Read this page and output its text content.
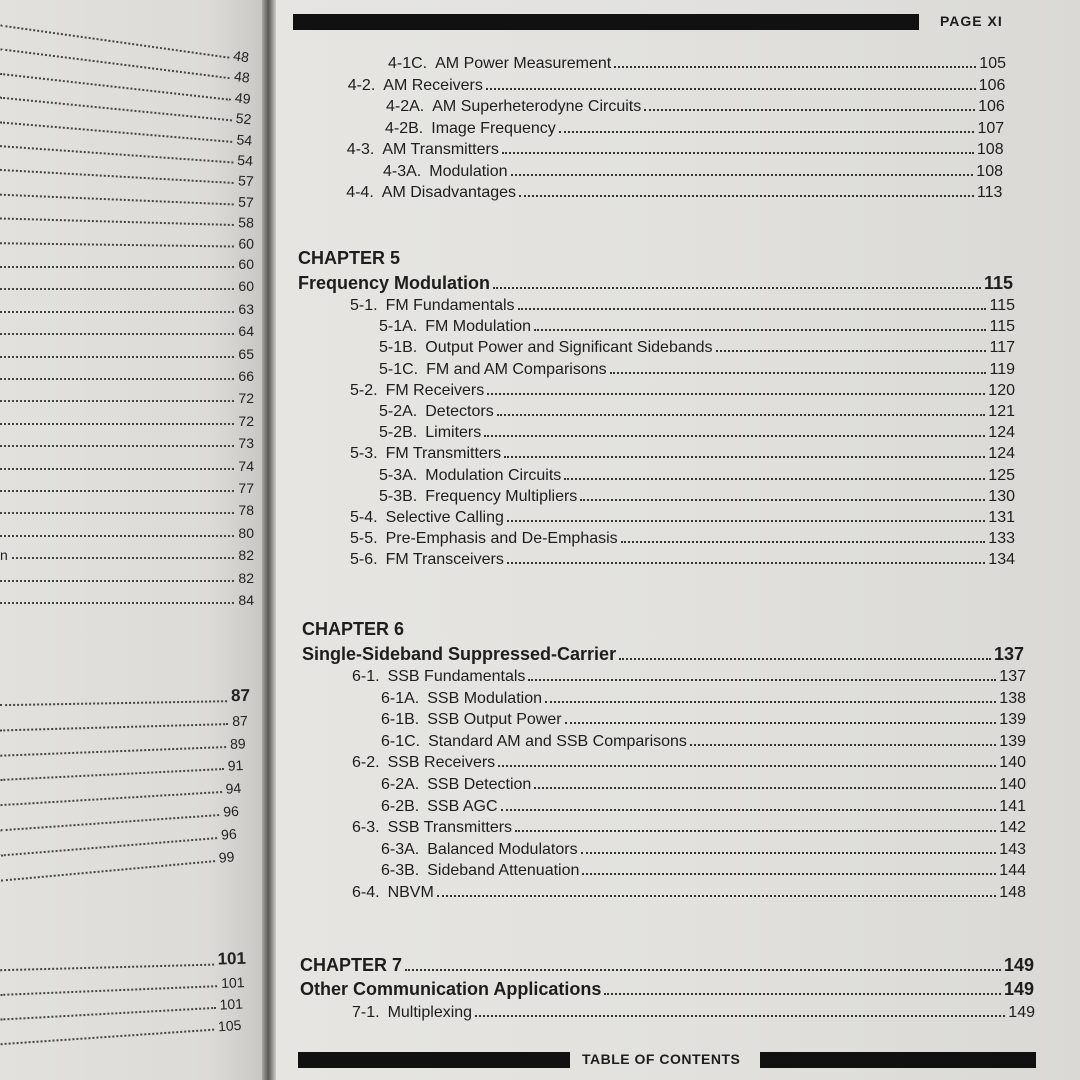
48
48
49
52
54
54
57
57
58
60
60
60
63
64
65
66
72
72
73
74
77
78
80
n	82
82
84
87
87
89
91
94
96
96
99
101
101
101
105
PAGE XI
4-1C. AM Power Measurement	105
4-2. AM Receivers	106
4-2A. AM Superheterodyne Circuits	106
4-2B. Image Frequency	107
4-3. AM Transmitters	108
4-3A. Modulation	108
4-4. AM Disadvantages	113
CHAPTER 5
Frequency Modulation	115
5-1. FM Fundamentals	115
5-1A. FM Modulation	115
5-1B. Output Power and Significant Sidebands	117
5-1C. FM and AM Comparisons	119
5-2. FM Receivers	120
5-2A. Detectors	121
5-2B. Limiters	124
5-3. FM Transmitters	124
5-3A. Modulation Circuits	125
5-3B. Frequency Multipliers	130
5-4. Selective Calling	131
5-5. Pre-Emphasis and De-Emphasis	133
5-6. FM Transceivers	134
CHAPTER 6
Single-Sideband Suppressed-Carrier	137
6-1. SSB Fundamentals	137
6-1A. SSB Modulation	138
6-1B. SSB Output Power	139
6-1C. Standard AM and SSB Comparisons	139
6-2. SSB Receivers	140
6-2A. SSB Detection	140
6-2B. SSB AGC	141
6-3. SSB Transmitters	142
6-3A. Balanced Modulators	143
6-3B. Sideband Attenuation	144
6-4. NBVM	148
CHAPTER 7	149
Other Communication Applications	149
7-1. Multiplexing	149
TABLE OF CONTENTS
